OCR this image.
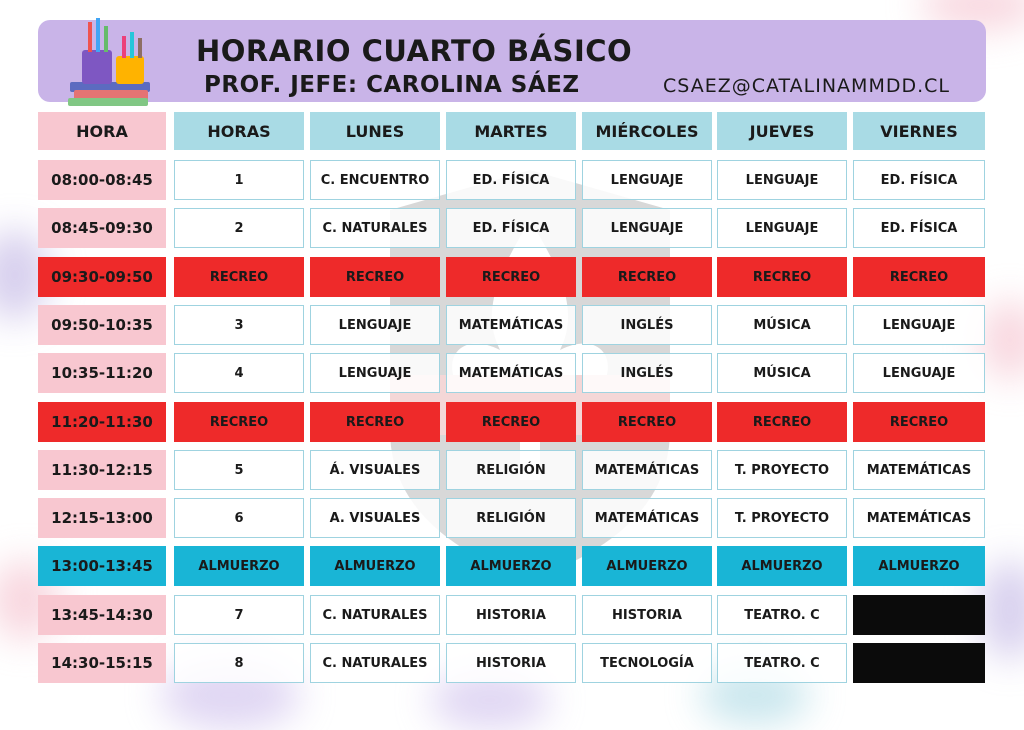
HORARIO CUARTO BÁSICO
PROF. JEFE: CAROLINA SÁEZ	CSAEZ@CATALINAMMDD.CL
HORA	HORAS	LUNES	MARTES	MIÉRCOLES	JUEVES	VIERNES
08:00-08:45	1	C. ENCUENTRO	ED. FÍSICA	LENGUAJE	LENGUAJE	ED. FÍSICA
08:45-09:30	2	C. NATURALES	ED. FÍSICA	LENGUAJE	LENGUAJE	ED. FÍSICA
09:30-09:50	RECREO	RECREO	RECREO	RECREO	RECREO	RECREO
09:50-10:35	3	LENGUAJE	MATEMÁTICAS	INGLÉS	MÚSICA	LENGUAJE
10:35-11:20	4	LENGUAJE	MATEMÁTICAS	INGLÉS	MÚSICA	LENGUAJE
11:20-11:30	RECREO	RECREO	RECREO	RECREO	RECREO	RECREO
11:30-12:15	5	Á. VISUALES	RELIGIÓN	MATEMÁTICAS	T. PROYECTO	MATEMÁTICAS
12:15-13:00	6	A. VISUALES	RELIGIÓN	MATEMÁTICAS	T. PROYECTO	MATEMÁTICAS
13:00-13:45	ALMUERZO	ALMUERZO	ALMUERZO	ALMUERZO	ALMUERZO	ALMUERZO
13:45-14:30	7	C. NATURALES	HISTORIA	HISTORIA	TEATRO. C
14:30-15:15	8	C. NATURALES	HISTORIA	TECNOLOGÍA	TEATRO. C
